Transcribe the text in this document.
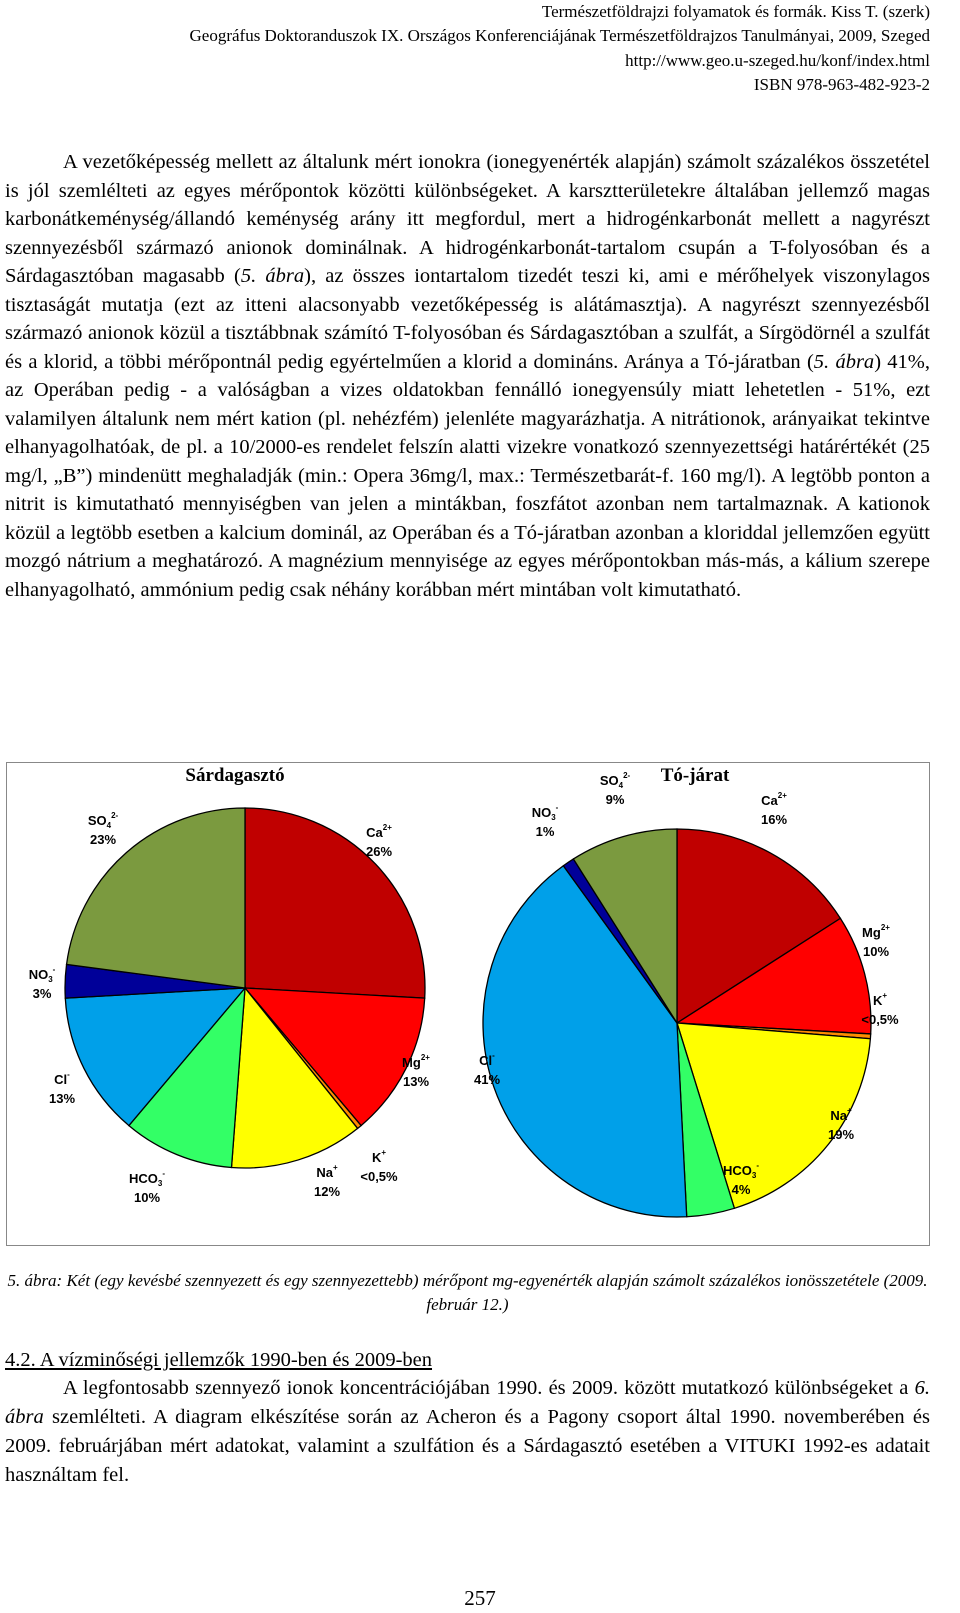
Természetföldrajzi folyamatok és formák. Kiss T. (szerk)
Geográfus Doktoranduszok IX. Országos Konferenciájának Természetföldrajzos Tanulmányai, 2009, Szeged
http://www.geo.u-szeged.hu/konf/index.html
ISBN 978-963-482-923-2

A vezetőképesség mellett az általunk mért ionokra (ionegyenérték alapján) számolt százalékos összetétel is jól szemlélteti az egyes mérőpontok közötti különbségeket. A karsztterületekre általában jellemző magas karbonátkeménység/állandó keménység arány itt megfordul, mert a hidrogénkarbonát mellett a nagyrészt szennyezésből származó anionok dominálnak. A hidrogénkarbonát-tartalom csupán a T-folyosóban és a Sárdagasztóban magasabb (5. ábra), az összes iontartalom tizedét teszi ki, ami e mérőhelyek viszonylagos tisztaságát mutatja (ezt az itteni alacsonyabb vezetőképesség is alátámasztja). A nagyrészt szennyezésből származó anionok közül a tisztábbnak számító T-folyosóban és Sárdagasztóban a szulfát, a Sírgödörnél a szulfát és a klorid, a többi mérőpontnál pedig egyértelműen a klorid a domináns. Aránya a Tó-járatban (5. ábra) 41%, az Operában pedig - a valóságban a vizes oldatokban fennálló ionegyensúly miatt lehetetlen - 51%, ezt valamilyen általunk nem mért kation (pl. nehézfém) jelenléte magyarázhatja. A nitrátionok, arányaikat tekintve elhanyagolhatóak, de pl. a 10/2000-es rendelet felszín alatti vizekre vonatkozó szennyezettségi határértékét (25 mg/l, „B”) mindenütt meghaladják (min.: Opera 36mg/l, max.: Természetbarát-f. 160 mg/l). A legtöbb ponton a nitrit is kimutatható mennyiségben van jelen a mintákban, foszfátot azonban nem tartalmaznak. A kationok közül a legtöbb esetben a kalcium dominál, az Operában és a Tó-járatban azonban a kloriddal jellemzően együtt mozgó nátrium a meghatározó. A magnézium mennyisége az egyes mérőpontokban más-más, a kálium szerepe elhanyagolható, ammónium pedig csak néhány korábban mért mintában volt kimutatható.

Sárdagasztó
$Ca^{2+}$
26%
$Mg^{2+}$
13%
K+
<0,5%
Na+
12%
$HCO_3^-$
10%
Cl-
13%
$NO_3^-$
3%
$SO_4^{2-}$
23%
Tó-járat
$Ca^{2+}$
16%
$Mg^{2+}$
10%
K+
<0,5%
Na+
19%
$HCO_3^-$
4%
Cl-
41%
$NO_3^-$
1%
$SO_4^{2-}$
9%
5. ábra: Két (egy kevésbé szennyezett és egy szennyezettebb) mérőpont mg-egyenérték alapján számolt százalékos ionösszetétele (2009. február 12.)
4.2. A vízminőségi jellemzők 1990-ben és 2009-ben

A legfontosabb szennyező ionok koncentrációjában 1990. és 2009. között mutatkozó különbségeket a 6. ábra szemlélteti. A diagram elkészítése során az Acheron és a Pagony csoport által 1990. novemberében és 2009. februárjában mért adatokat, valamint a szulfátion és a Sárdagasztó esetében a VITUKI 1992-es adatait használtam fel.

257
